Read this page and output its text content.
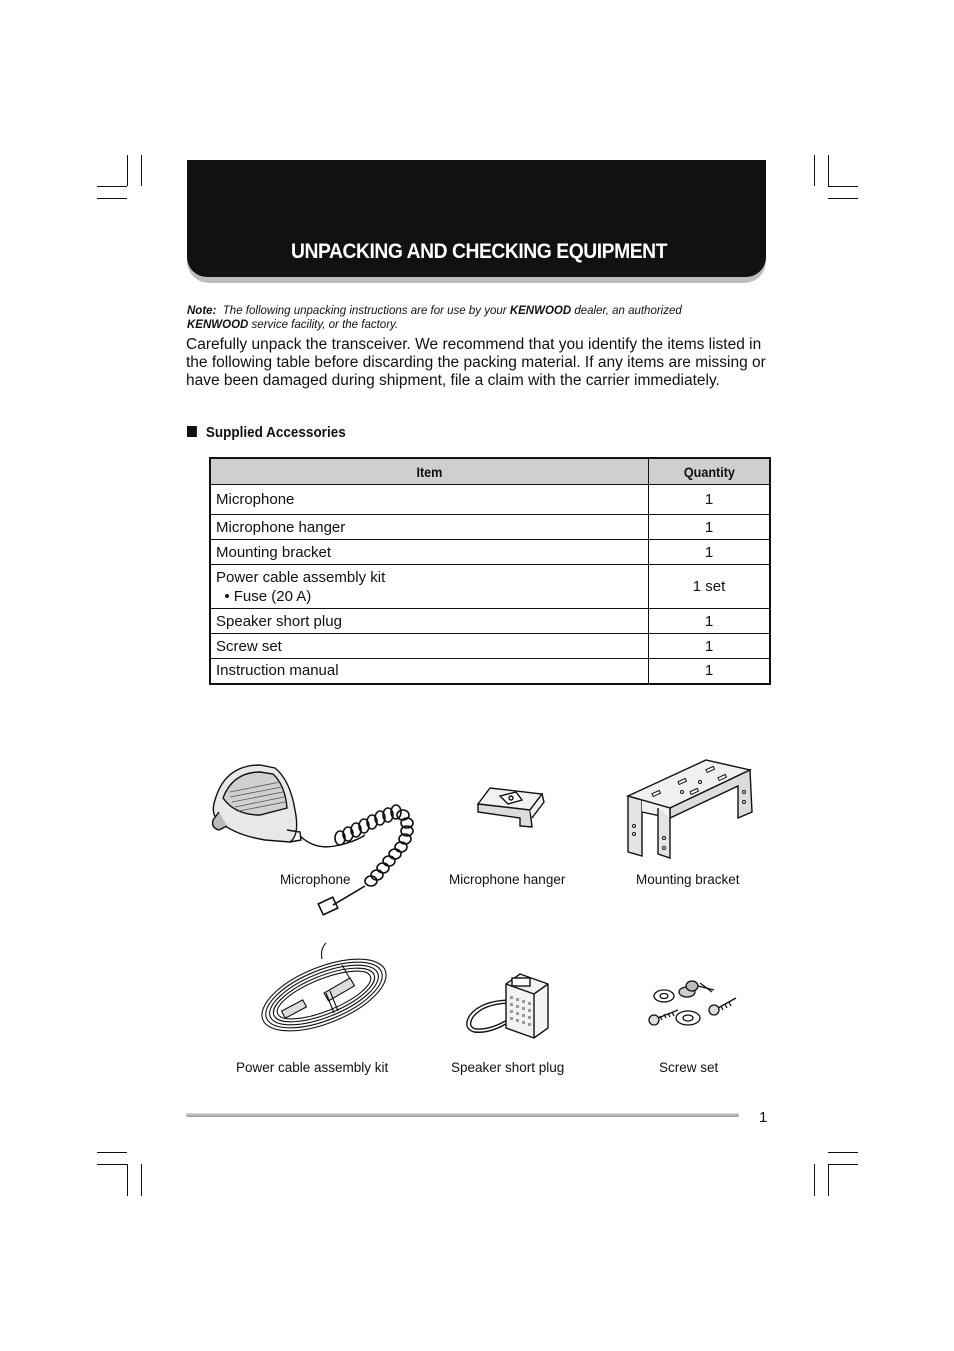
UNPACKING AND CHECKING EQUIPMENT
Note: The following unpacking instructions are for use by your KENWOOD dealer, an authorized
KENWOOD service facility, or the factory.
Carefully unpack the transceiver. We recommend that you identify the items listed in the following table before discarding the packing material. If any items are missing or have been damaged during shipment, file a claim with the carrier immediately.
Supplied Accessories
Item	Quantity
Microphone	1
Microphone hanger	1
Mounting bracket	1
Power cable assembly kit
• Fuse (20 A)	1 set
Speaker short plug	1
Screw set	1
Instruction manual	1
Microphone	Microphone hanger	Mounting bracket
Power cable assembly kit	Speaker short plug	Screw set
1
